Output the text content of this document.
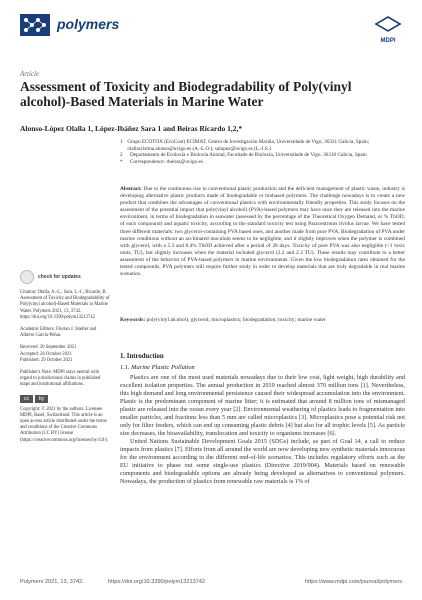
polymers
MDPI
Article
Assessment of Toxicity and Biodegradability of Poly(vinyl alcohol)-Based Materials in Marine Water
Alonso-López Olalla 1, López-Ibáñez Sara 1 and Beiras Ricardo 1,2,*
1 Grupo ECOTOX (EcoCost) ECIMAT, Centro de Investigación Mariña, Universidade de Vigo, 36331 Galicia, Spain; olallacristina.alonso@uvigo.es (A.-L.O.); salopez@uvigo.es (L.-I.S.)
2	Departamento de Ecoloxía e Bioloxía Animal, Facultade de Bioloxía, Universidade de Vigo, 36310 Galicia, Spain
*	Correspondence: rbeiras@uvigo.es
Abstract: Due to the continuous rise in conventional plastic production and the deficient management of plastic waste, industry is developing alternative plastic products made of biodegradable or biobased polymers. The challenge nowadays is to create a new product that combines the advantages of conventional plastics with environmentally friendly properties. This study focuses on the assessment of the potential impact that poly(vinyl alcohol) (PVA)-based polymers may have once they are released into the marine environment, in terms of biodegradation in seawater (assessed by the percentage of the Theoretical Oxygen Demand, or % ThOD, of each compound) and aquatic toxicity, according to the standard toxicity test using Paracentrotus lividus larvae. We have tested three different materials: two glycerol-containing PVA based ones, and another made from pure PVA. Biodegradation of PVA under marine conditions without an acclimated inoculum seems to be negligible, and it slightly improves when the polymer is combined with glycerol, with a 5.3 and 8.4% ThOD achieved after a period of 28 days. Toxicity of pure PVA was also negligible (<1 toxic units, TU), but slightly increases when the material included glycerol (2.2 and 2.3 TU). These results may contribute to a better assessment of the behavior of PVA-based polymers in marine environments. Given the low biodegradation rates obtained for the tested compounds, PVA polymers still require further study in order to develop materials that are truly degradable in real marine scenarios.
Keywords: poly(vinyl alcohol); glycerol; microplastics; biodegradation; toxicity; marine water
check for updates
Citation: Olalla, A.-L.; Sara, L.-I.; Ricardo, B. Assessment of Toxicity and Biodegradability of Poly(vinyl alcohol)-Based Materials in Marine Water. Polymers 2021, 13, 3742. https://doi.org/10.3390/polym13213742
Academic Editors: Florian J. Stadler and Alberto García-Peñas
Received: 30 September 2021
Accepted: 26 October 2021
Published: 29 October 2021
Publisher's Note: MDPI stays neutral with regard to jurisdictional claims in published maps and institutional affiliations.
cc	by
Copyright: © 2021 by the authors. Licensee MDPI, Basel, Switzerland. This article is an open access article distributed under the terms and conditions of the Creative Commons Attribution (CC BY) license (https://creativecommons.org/licenses/by/4.0/).
1. Introduction
1.1. Marine Plastic Pollution

Plastics are one of the most used materials nowadays due to their low cost, light weight, high durability and excellent isolation properties. The annual production in 2019 reached almost 370 million tons [1]. Nevertheless, this high demand and long environmental persistence caused their widespread accumulation into the environment. Plastic is the predominant component of marine litter; it is estimated that around 8 million tons of mismanaged plastic are released into the ocean every year [2]. Environmental weathering of plastics leads to fragmentation into smaller particles, and fractions less than 5 mm are called microplastics [3]. Microplastics pose a potential risk not only for filter feeders, which can end up consuming plastic debris [4] but also for all trophic levels [5]. As particle size decreases, the bioavailability, translocation and toxicity to organisms increases [6].

United Nations Sustainable Development Goals 2015 (SDGs) include, as part of Goal 14, a call to reduce impacts from plastics [7]. Efforts from all around the world are now developing new synthetic materials innocuous for the environment according to the different end-of-life scenarios. This includes regulatory efforts such as the EU initiative to phase out some single-use plastics (Directive 2019/904). Materials based on renewable components and biodegradable options are already being developed as alternatives to conventional polymers. Nowadays, the production of plastics from renewable raw materials is 1% of

Polymers 2021, 13, 3742.	https://doi.org/10.3390/polym13213742	https://www.mdpi.com/journal/polymers
